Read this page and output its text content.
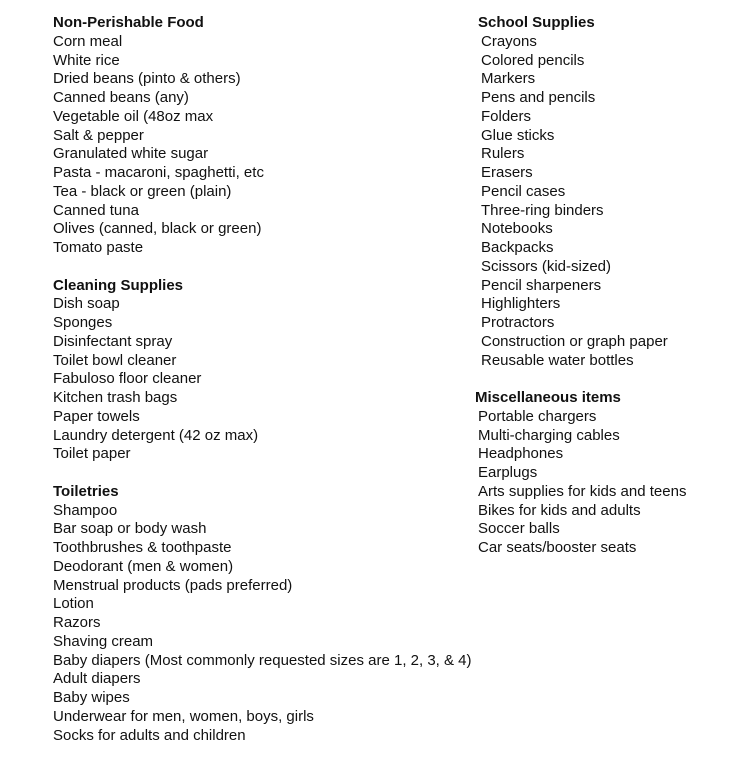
Non-Perishable Food

Corn meal
White rice
Dried beans (pinto & others)
Canned beans (any)
Vegetable oil (48oz max
Salt & pepper
Granulated white sugar
Pasta - macaroni, spaghetti, etc
Tea - black or green (plain)
Canned tuna
Olives (canned, black or green)
Tomato paste

Cleaning Supplies

Dish soap
Sponges
Disinfectant spray
Toilet bowl cleaner
Fabuloso floor cleaner
Kitchen trash bags
Paper towels
Laundry detergent (42 oz max)
Toilet paper

Toiletries

Shampoo
Bar soap or body wash
Toothbrushes & toothpaste
Deodorant (men & women)
Menstrual products (pads preferred)
Lotion
Razors
Shaving cream
Baby diapers (Most commonly requested sizes are 1, 2, 3, & 4)
Adult diapers
Baby wipes
Underwear for men, women, boys, girls
Socks for adults and children

School Supplies

Crayons
Colored pencils
Markers
Pens and pencils
Folders
Glue sticks
Rulers
Erasers
Pencil cases
Three-ring binders
Notebooks
Backpacks
Scissors (kid-sized)
Pencil sharpeners
Highlighters
Protractors
Construction or graph paper
Reusable water bottles

Miscellaneous items

Portable chargers
Multi-charging cables
Headphones
Earplugs
Arts supplies for kids and teens
Bikes for kids and adults
Soccer balls
Car seats/booster seats
